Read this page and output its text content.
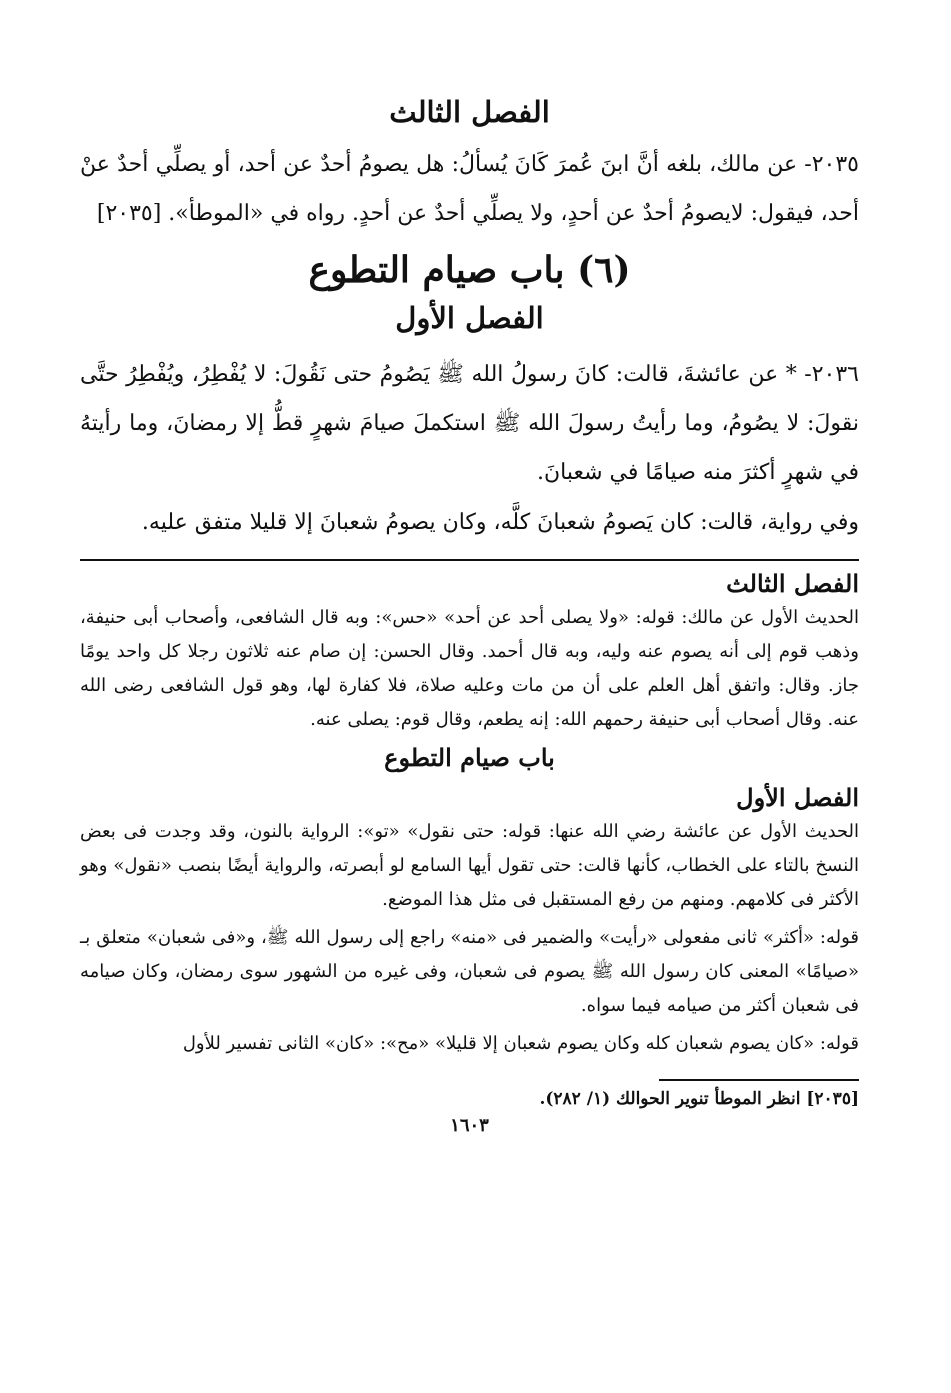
الفصل الثالث

٢٠٣٥- عن مالك، بلغه أنَّ ابنَ عُمرَ كَانَ يُسألُ: هل يصومُ أحدٌ عن أحد، أو يصلِّي أحدٌ عنْ أحد، فيقول: لايصومُ أحدٌ عن أحدٍ، ولا يصلِّي أحدٌ عن أحدٍ. رواه في «الموطأ». [٢٠٣٥]

(٦) باب صيام التطوع
الفصل الأول

٢٠٣٦- * عن عائشةَ، قالت: كانَ رسولُ الله ﷺ يَصُومُ حتى نَقُولَ: لا يُفْطِرُ، ويُفْطِرُ حتَّى نقولَ: لا يصُومُ، وما رأيتُ رسولَ الله ﷺ استكملَ صيامَ شهرٍ قطُّ إلا رمضانَ، وما رأيتهُ في شهرٍ أكثرَ منه صيامًا في شعبانَ.

وفي رواية، قالت: كان يَصومُ شعبانَ كلَّه، وكان يصومُ شعبانَ إلا قليلا متفق عليه.

الفصل الثالث

الحديث الأول عن مالك: قوله: «ولا يصلى أحد عن أحد» «حس»: وبه قال الشافعى، وأصحاب أبى حنيفة، وذهب قوم إلى أنه يصوم عنه وليه، وبه قال أحمد. وقال الحسن: إن صام عنه ثلاثون رجلا كل واحد يومًا جاز. وقال: واتفق أهل العلم على أن من مات وعليه صلاة، فلا كفارة لها، وهو قول الشافعى رضى الله عنه. وقال أصحاب أبى حنيفة رحمهم الله: إنه يطعم، وقال قوم: يصلى عنه.

باب صيام التطوع
الفصل الأول

الحديث الأول عن عائشة رضي الله عنها: قوله: حتى نقول» «تو»: الرواية بالنون، وقد وجدت فى بعض النسخ بالتاء على الخطاب، كأنها قالت: حتى تقول أيها السامع لو أبصرته، والرواية أيضًا بنصب «نقول» وهو الأكثر فى كلامهم. ومنهم من رفع المستقبل فى مثل هذا الموضع.

قوله: «أكثر» ثانى مفعولى «رأيت» والضمير فى «منه» راجع إلى رسول الله ﷺ، و«فى شعبان» متعلق بـ «صيامًا» المعنى كان رسول الله ﷺ يصوم فى شعبان، وفى غيره من الشهور سوى رمضان، وكان صيامه فى شعبان أكثر من صيامه فيما سواه.

قوله: «كان يصوم شعبان كله وكان يصوم شعبان إلا قليلا» «مح»: «كان» الثانى تفسير للأول

[٢٠٣٥] انظر الموطأ تنوير الحوالك (١/ ٢٨٢).

١٦٠٣
